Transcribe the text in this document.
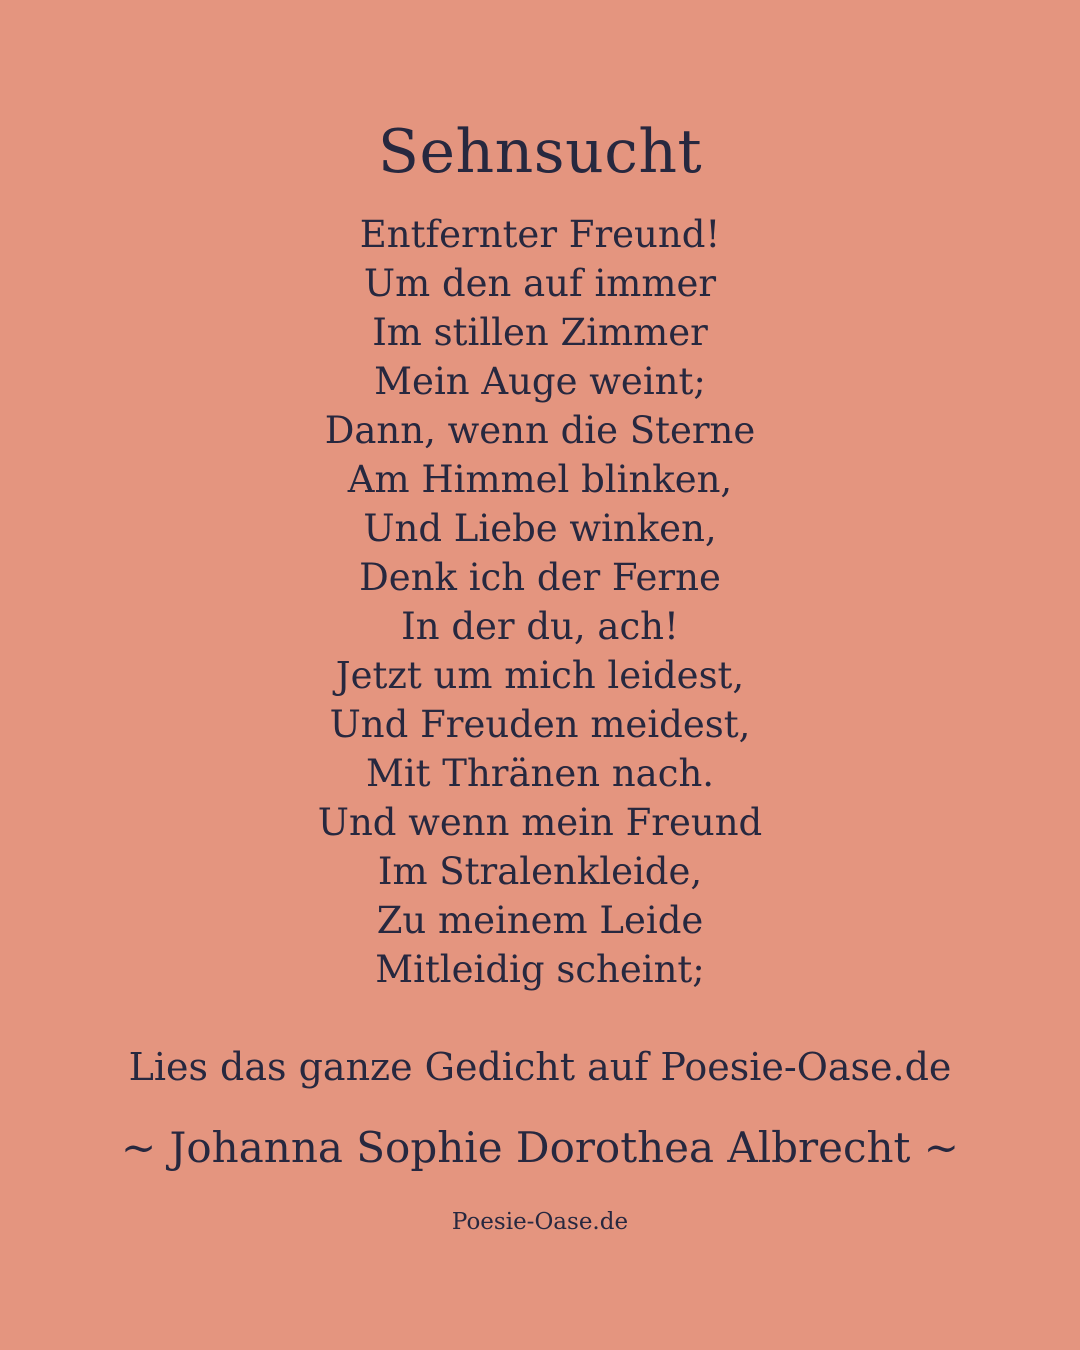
Sehnsucht
Entfernter Freund!
Um den auf immer
Im stillen Zimmer
Mein Auge weint;
Dann, wenn die Sterne
Am Himmel blinken,
Und Liebe winken,
Denk ich der Ferne
In der du, ach!
Jetzt um mich leidest,
Und Freuden meidest,
Mit Thränen nach.
Und wenn mein Freund
Im Stralenkleide,
Zu meinem Leide
Mitleidig scheint;
Lies das ganze Gedicht auf Poesie-Oase.de
~ Johanna Sophie Dorothea Albrecht ~
Poesie-Oase.de
